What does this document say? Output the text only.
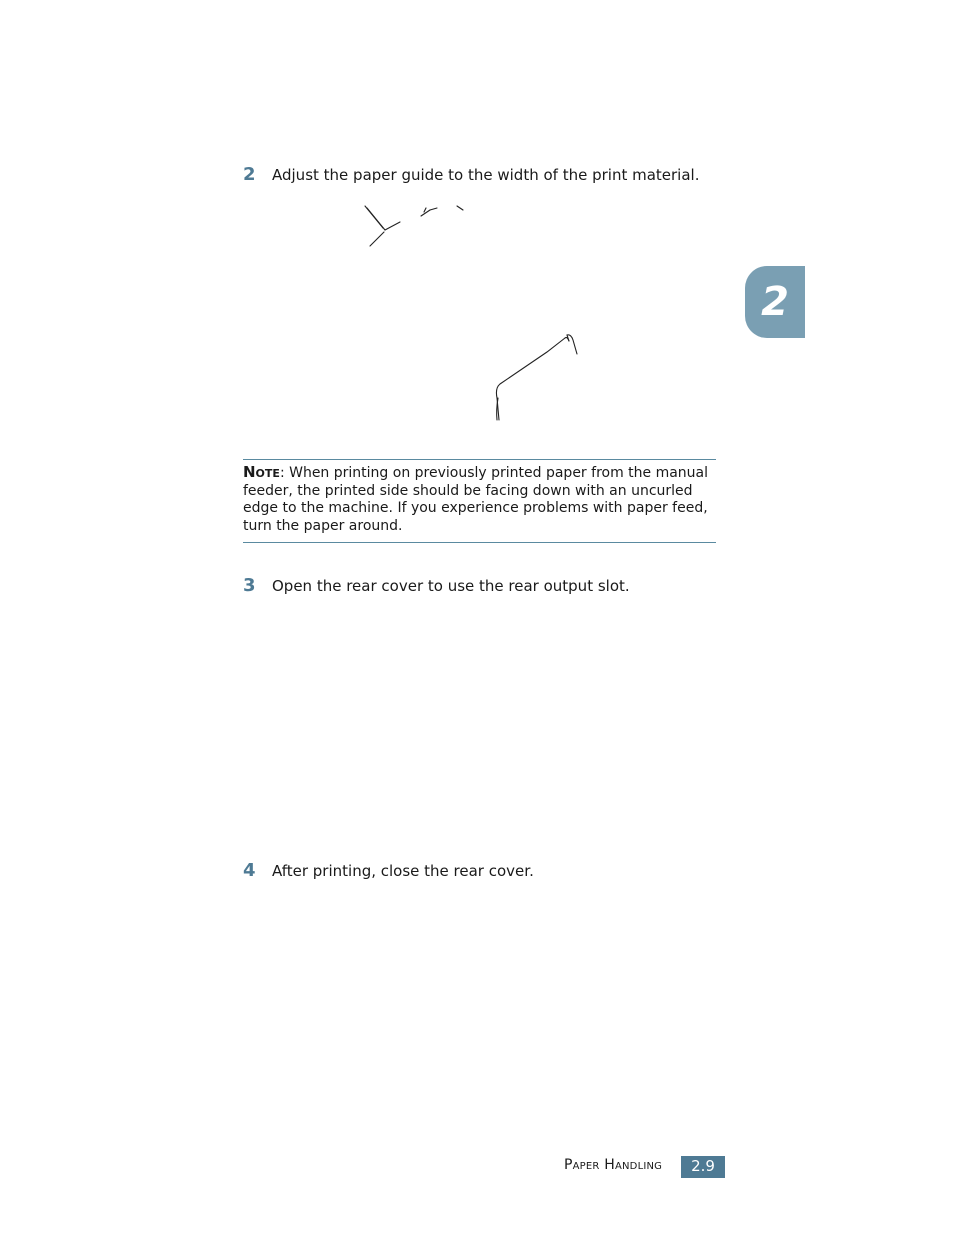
2	Adjust the paper guide to the width of the print material.
Note: When printing on previously printed paper from the manual feeder, the printed side should be facing down with an uncurled edge to the machine. If you experience problems with paper feed, turn the paper around.
3	Open the rear cover to use the rear output slot.
4	After printing, close the rear cover.
2
Paper Handling	2.9
